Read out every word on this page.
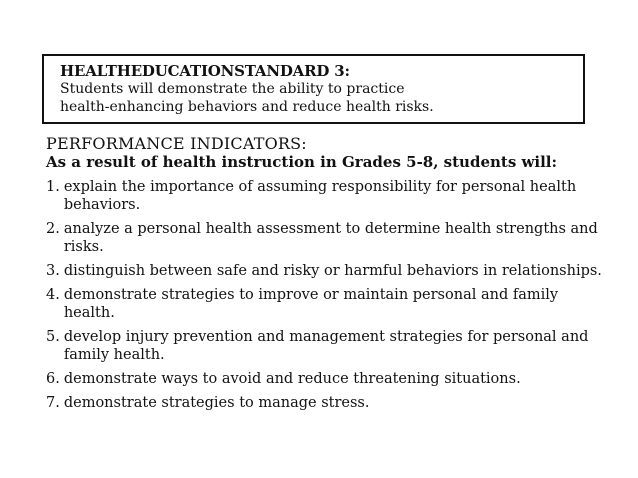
HEALTHEDUCATIONSTANDARD 3:
Students will demonstrate the ability to practice
health-enhancing behaviors and reduce health risks.
PERFORMANCE INDICATORS:
As a result of health instruction in Grades 5-8, students will:
1. explain the importance of assuming responsibility for personal health behaviors.
2. analyze a personal health assessment to determine health strengths and risks.
3. distinguish between safe and risky or harmful behaviors in relationships.
4. demonstrate strategies to improve or maintain personal and family health.
5. develop injury prevention and management strategies for personal and family health.
6. demonstrate ways to avoid and reduce threatening situations.
7. demonstrate strategies to manage stress.
